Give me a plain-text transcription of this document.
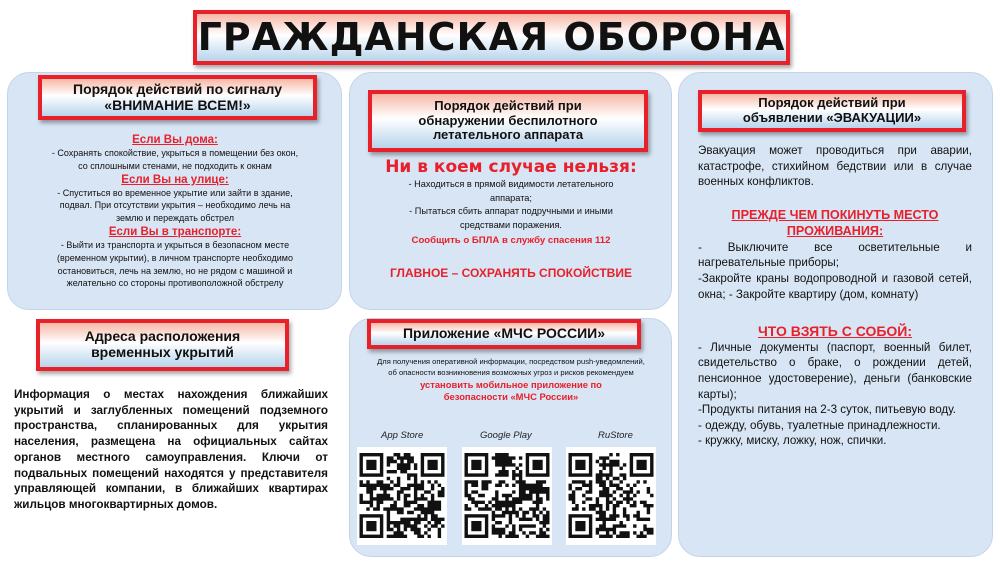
ГРАЖДАНСКАЯ ОБОРОНА
Порядок действий по сигналу
«ВНИМАНИЕ ВСЕМ!»
Если Вы дома:
- Сохранять спокойствие, укрыться в помещении без окон,
со сплошными стенами, не подходить к окнам
Если Вы на улице:
- Спуститься во временное укрытие или зайти в здание,
подвал. При отсутствии укрытия – необходимо лечь на
землю и переждать обстрел
Если Вы в транспорте:
- Выйти из транспорта и укрыться в безопасном месте
(временном укрытии), в личном транспорте необходимо
остановиться, лечь на землю, но не рядом с машиной и
желательно со стороны противоположной обстрелу
Порядок действий при
обнаружении беспилотного
летательного аппарата
Ни в коем случае нельзя:
- Находиться в прямой видимости летательного
аппарата;
- Пытаться сбить аппарат подручными и иными
средствами поражения.
Сообщить о БПЛА в службу спасения 112
ГЛАВНОЕ – СОХРАНЯТЬ СПОКОЙСТВИЕ
Порядок действий при
объявлении «ЭВАКУАЦИИ»
Эвакуация может проводиться при аварии, катастрофе, стихийном бедствии или в случае военных конфликтов.
ПРЕЖДЕ ЧЕМ ПОКИНУТЬ МЕСТО
ПРОЖИВАНИЯ:
- Выключите все осветительные и нагревательные приборы;
-Закройте краны водопроводной и газовой сетей, окна; - Закройте квартиру (дом, комнату)
ЧТО ВЗЯТЬ С СОБОЙ:
- Личные документы (паспорт, военный билет, свидетельство о браке, о рождении детей, пенсионное удостоверение), деньги (банковские карты);
-Продукты питания на 2-3 суток, питьевую воду.
- одежду, обувь, туалетные принадлежности.
- кружку, миску, ложку, нож, спички.
Адреса расположения
временных укрытий
Информация о местах нахождения ближайших укрытий и заглубленных помещений подземного пространства, спланированных для укрытия населения, размещена на официальных сайтах органов местного самоуправления. Ключи от подвальных помещений находятся у представителя управляющей компании, в ближайших квартирах жильцов многоквартирных домов.
Приложение «МЧС РОССИИ»
Для получения оперативной информации, посредством push-уведомлений, об опасности возникновения возможных угроз и рисков рекомендуем
установить мобильное приложение по
безопасности «МЧС России»
App Store	Google Play	RuStore
